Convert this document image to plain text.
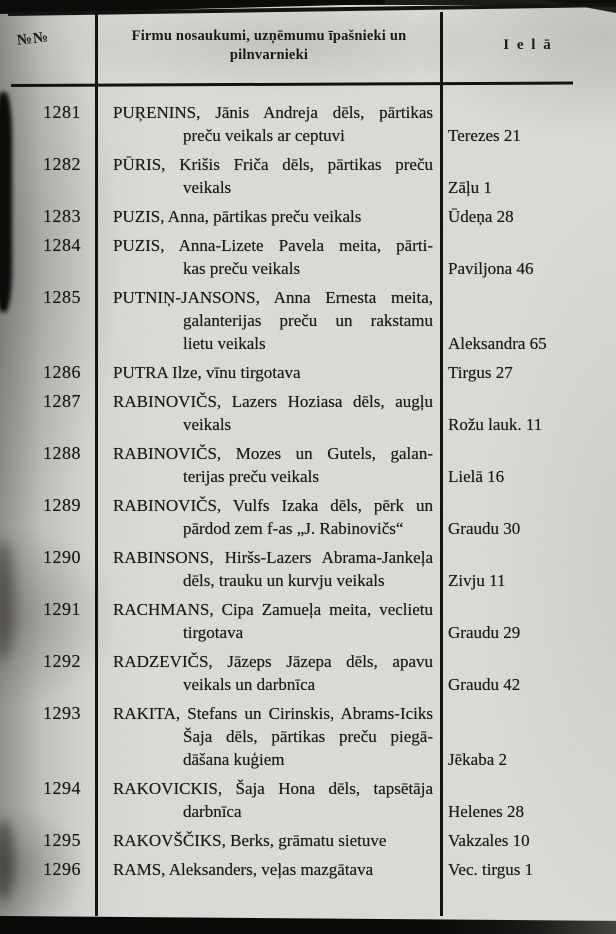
№№	Firmu nosaukumi, uzņēmumu īpašnieki un
pilnvarnieki
I e l ā
1281	PUŖENINS, Jānis Andreja dēls, pārtikas
preču veikals ar ceptuvi	Terezes 21
1282	PŪRIS, Krišis Friča dēls, pārtikas preču
veikals	Zāļu 1
1283	PUZIS, Anna, pārtikas preču veikals	Ūdeņa 28
1284	PUZIS, Anna-Lizete Pavela meita, pārti-
kas preču veikals	Paviljona 46
1285	PUTNIŅ-JANSONS, Anna Ernesta meita,
galanterijas preču un rakstamu
lietu veikals	Aleksandra 65
1286	PUTRA Ilze, vīnu tirgotava	Tirgus 27
1287	RABINOVIČS, Lazers Hoziasa dēls, augļu
veikals	Rožu lauk. 11
1288	RABINOVIČS, Mozes un Gutels, galan-
terijas preču veikals	Lielā 16
1289	RABINOVIČS, Vulfs Izaka dēls, pērk un
pārdod zem f-as „J. Rabinovičs“	Graudu 30
1290	RABINSONS, Hiršs-Lazers Abrama-Jankeļa
dēls, trauku un kurvju veikals	Zivju 11
1291	RACHMANS, Cipa Zamueļa meita, veclietu
tirgotava	Graudu 29
1292	RADZEVIČS, Jāzeps Jāzepa dēls, apavu
veikals un darbnīca	Graudu 42
1293	RAKITA, Stefans un Cirinskis, Abrams-Iciks
Šaja dēls, pārtikas preču piegā-
dāšana kuģiem	Jēkaba 2
1294	RAKOVICKIS, Šaja Hona dēls, tapsētāja
darbnīca	Helenes 28
1295	RAKOVŠČIKS, Berks, grāmatu sietuve	Vakzales 10
1296	RAMS, Aleksanders, veļas mazgātava	Vec. tirgus 1
